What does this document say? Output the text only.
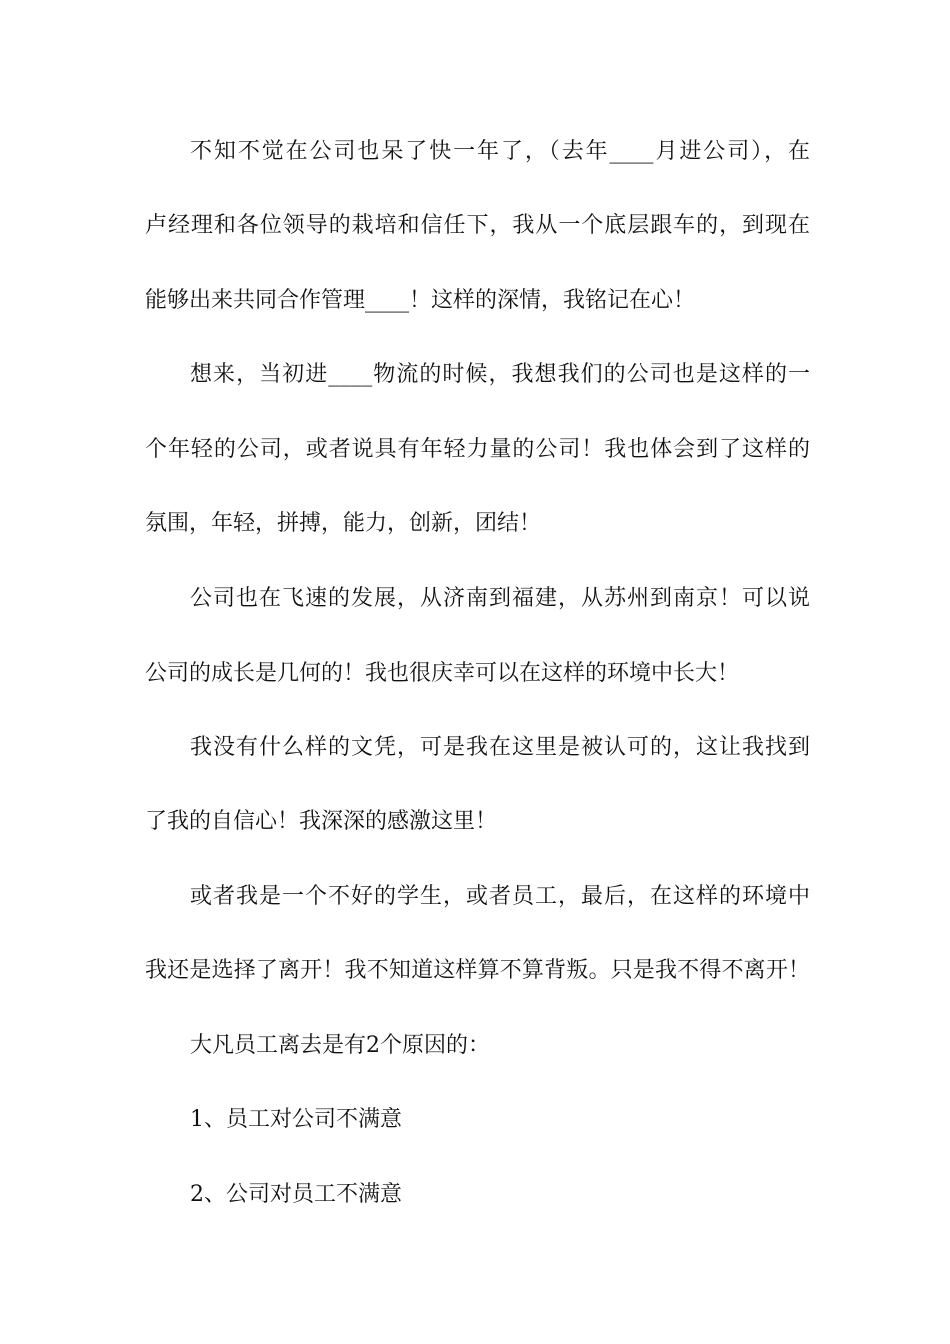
不知不觉在公司也呆了快一年了，（去年____月进公司），在
卢经理和各位领导的栽培和信任下，我从一个底层跟车的，到现在
能够出来共同合作管理____！这样的深情，我铭记在心！
想来，当初进____物流的时候，我想我们的公司也是这样的一
个年轻的公司，或者说具有年轻力量的公司！我也体会到了这样的
氛围，年轻，拼搏，能力，创新，团结！
公司也在飞速的发展，从济南到福建，从苏州到南京！可以说
公司的成长是几何的！我也很庆幸可以在这样的环境中长大！
我没有什么样的文凭，可是我在这里是被认可的，这让我找到
了我的自信心！我深深的感激这里！
或者我是一个不好的学生，或者员工，最后，在这样的环境中
我还是选择了离开！我不知道这样算不算背叛。只是我不得不离开！
大凡员工离去是有2个原因的：
1、员工对公司不满意
2、公司对员工不满意
